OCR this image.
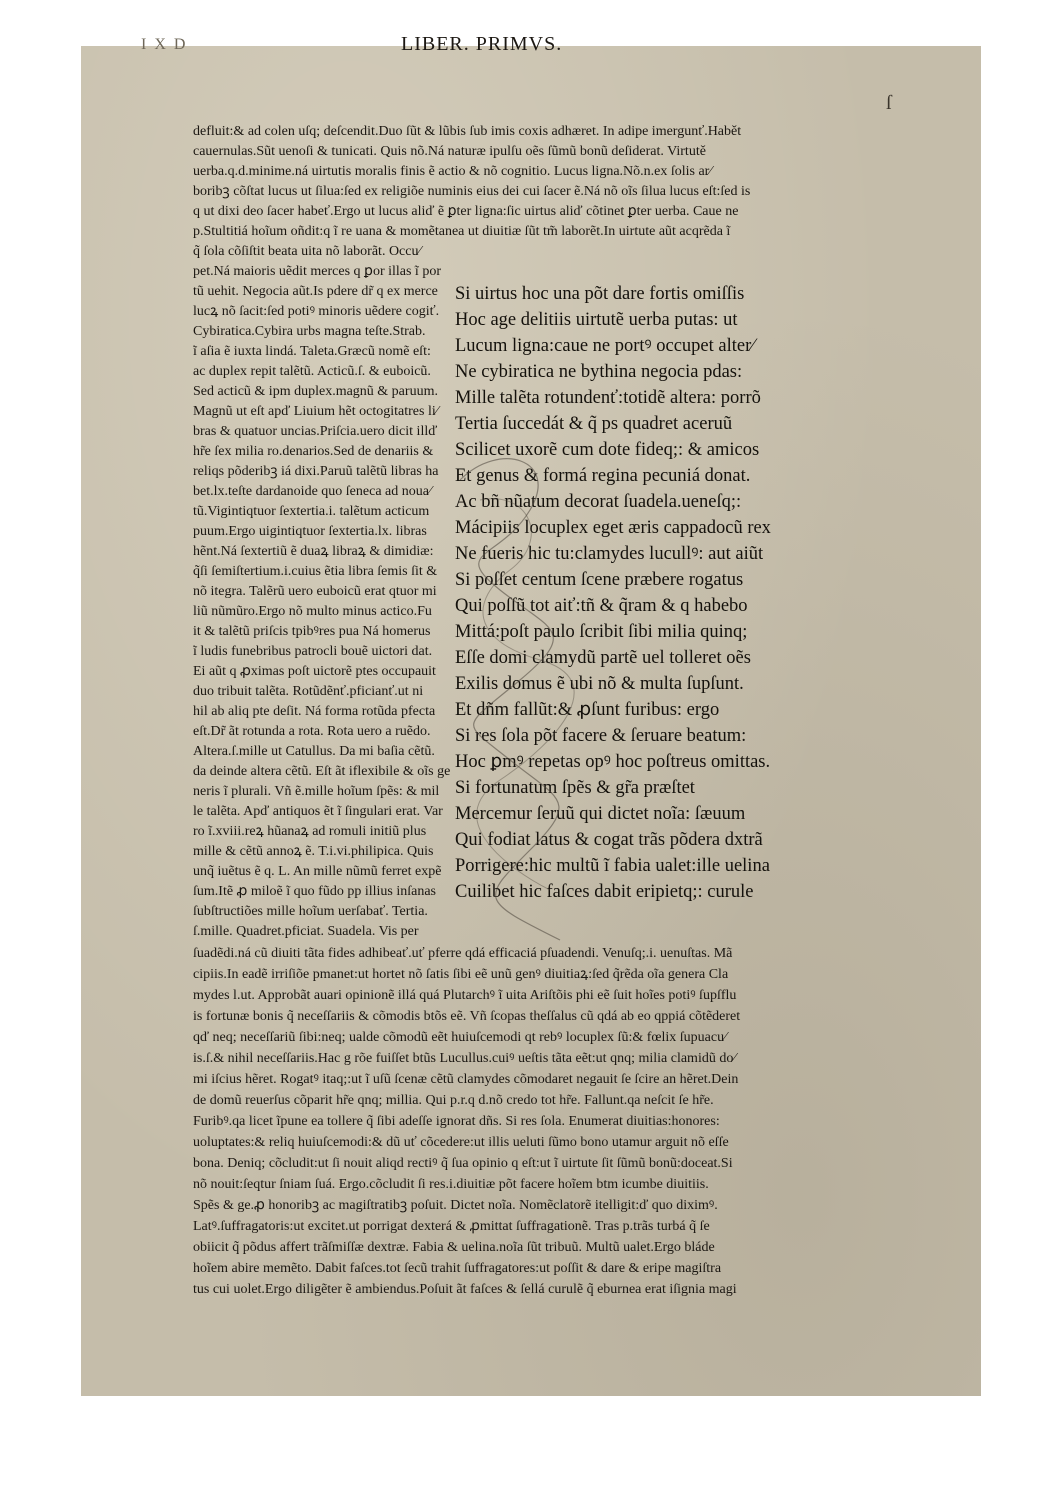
I X D	LIBER. PRIMVS.
ſ
defluit:& ad colen uſq; deſcendit.Duo ſũt & lũbis ſub imis coxis adhæret. In adipe imergunť.Habět
cauernulas.Sũt uenoſi & tunicati. Quis nõ.Ná naturæ ipulſu oẽs ſũmũ bonũ deſiderat. Virtutě
uerba.q.d.minime.ná uirtutis moralis finis ẽ actio & nõ cognitio. Lucus ligna.Nõ.n.ex ſolis ar⁄
boribꝫ cõſtat lucus ut ſilua:ſed ex religiõe numinis eius dei cui ſacer ẽ.Ná nõ oĩs ſilua lucus eſt:ſed is
q ut dixi deo ſacer habeť.Ergo ut lucus aliď ẽ ꝑter ligna:ſic uirtus aliď cõtinet ꝑter uerba. Caue ne
p.Stultitiá hoĩum oñdit:q ĩ re uana & momẽtanea ut diuitiæ ſũt tm̃ laborẽt.In uirtute aũt acqrẽda ĩ
q̃ ſola cõſiſtit beata uita nõ laborãt. Occu⁄
pet.Ná maioris uẽdit merces q ꝑor illas ĩ por
tũ uehit. Negocia aũt.Is pdere dr̃ q ex merce
lucꝝ nõ ſacit:ſed potiꝰ minoris uẽdere cogiť.
Cybiratica.Cybira urbs magna teſte.Strab.
ĩ aſia ẽ iuxta lindá. Taleta.Græcũ nomẽ eſt:
ac duplex repit talẽtũ. Acticũ.ſ. & euboicũ.
Sed acticũ & ipm duplex.magnũ & paruum.
Magnũ ut eſt apď Liuium hẽt octogitatres li⁄
bras & quatuor uncias.Priſcia.uero dicit illď
hr̃e ſex milia ro.denarios.Sed de denariis &
reliqs põderibꝫ iá dixi.Paruũ talẽtũ libras ha
bet.lx.teſte dardanoide quo ſeneca ad noua⁄
tũ.Vigintiqtuor ſextertia.i. talẽtum acticum
puum.Ergo uigintiqtuor ſextertia.lx. libras
hẽnt.Ná ſextertiũ ẽ duaꝝ libraꝝ & dimidiæ:
q̃ſi ſemiſtertium.i.cuius ẽtia libra ſemis ſit &
nõ itegra. Talẽrũ uero euboicũ erat qtuor mi
liũ nũmũro.Ergo nõ multo minus actico.Fu
it & talẽtũ priſcis tpibꝰres pua Ná homerus
ĩ ludis funebribus patrocli bouẽ uictori dat.
Ei aũt q ꝓximas poſt uictorẽ ptes occupauit
duo tribuit talẽta. Rotũdẽnť.pficianť.ut ni
hil ab aliq pte deſit. Ná forma rotũda pfecta
eſt.Dr̃ ãt rotunda a rota. Rota uero a ruẽdo.
Altera.ſ.mille ut Catullus. Da mi baſia cẽtũ.
da deinde altera cẽtũ. Eſt ãt iflexibile & oĩs ge
neris ĩ plurali. Vñ ẽ.mille hoĩum ſpẽs: & mil
le talẽta. Apď antiquos ẽt ĩ ſingulari erat. Var
ro ĩ.xviii.reꝝ hũanaꝝ ad romuli initiũ plus
mille & cẽtũ annoꝝ ẽ. T.i.vi.philipica. Quis
unq̃ iuẽtus ẽ q. L. An mille nũmũ ferret expẽ
ſum.Itẽ ꝓ miloẽ ĩ quo fũdo pp illius inſanas
ſubſtructiões mille hoĩum uerſabať. Tertia.
ſ.mille. Quadret.pficiat. Suadela. Vis per
Si uirtus hoc una põt dare fortis omiſſis
Hoc age delitiis uirtutẽ uerba putas: ut
Lucum ligna:caue ne portꝰ occupet alter⁄
Ne cybiratica ne bythina negocia pdas:
Mille talẽta rotundenť:totidẽ altera: porrõ
Tertia ſuccedát & q̃ ps quadret aceruũ
Scilicet uxorẽ cum dote fideq;: & amicos
Et genus & formá regina pecuniá donat.
Ac bñ nũatum decorat ſuadela.ueneſq;:
Mácipiis locuplex eget æris cappadocũ rex
Ne fueris hic tu:clamydes lucullꝰ: aut aiũt
Si poſſet centum ſcene præbere rogatus
Qui poſſũ tot aiť:tñ & q̃ram & q habebo
Mittá:poſt paulo ſcribit ſibi milia quinq;
Eſſe domi clamydũ partẽ uel tolleret oẽs
Exilis domus ẽ ubi nõ & multa ſupſunt.
Et dñm fallũt:& ꝓſunt furibus: ergo
Si res ſola põt facere & ſeruare beatum:
Hoc ꝑmꝰ repetas opꝰ hoc poſtreus omittas.
Si fortunatum ſpẽs & gr̃a præſtet
Mercemur ſeruũ qui dictet noĩa: ſæuum
Qui fodiat latus & cogat trãs põdera dxtrã
Porrigere:hic multũ ĩ fabia ualet:ille uelina
Cuilibet hic faſces dabit eripietq;: curule
ſuadẽdi.ná cũ diuiti tãta fides adhibeať.uť pferre qdá efficaciá pſuadendi. Venuſq;.i. uenuſtas. Mã
cipiis.In eadẽ irriſiõe pmanet:ut hortet nõ ſatis ſibi eẽ unũ genꝰ diuitiaꝝ:ſed q̃rẽda oĩa genera Cla
mydes l.ut. Approbãt auari opinionẽ illá quá Plutarchꝰ ĩ uita Ariſtõis phi eẽ ſuit hoĩes potiꝰ ſupſflu
is fortunæ bonis q̃ neceſſariis & cõmodis btõs eẽ. Vñ ſcopas theſſalus cũ qdá ab eo qppiá cõtẽderet
qď neq; neceſſariũ ſibi:neq; ualde cõmodũ eẽt huiuſcemodi qt rebꝰ locuplex ſũ:& fœlix ſupuacu⁄
is.ſ.& nihil neceſſariis.Hac g rõe fuiſſet btũs Lucullus.cuiꝰ ueſtis tãta eẽt:ut qnq; milia clamidũ do⁄
mi iſcius hẽret. Rogatꝰ itaq;:ut ĩ uſũ ſcenæ cẽtũ clamydes cõmodaret negauit ſe ſcire an hẽret.Dein
de domũ reuerſus cõparit hr̃e qnq; millia. Qui p.r.q d.nõ credo tot hr̃e. Fallunt.qa neſcit ſe hr̃e.
Furibꝰ.qa licet ĩpune ea tollere q̃ ſibi adeſſe ignorat dñs. Si res ſola. Enumerat diuitias:honores:
uoluptates:& reliq huiuſcemodi:& dũ uť cõcedere:ut illis ueluti ſũmo bono utamur arguit nõ eſſe
bona. Deniq; cõcludit:ut ſi nouit aliqd rectiꝰ q̃ ſua opinio q eſt:ut ĩ uirtute ſit ſũmũ bonũ:doceat.Si
nõ nouit:ſeqtur ſniam ſuá. Ergo.cõcludit ſi res.i.diuitiæ põt facere hoĩem btm icumbe diuitiis.
Spẽs & ge.ꝓ honoribꝫ ac magiſtratibꝫ poſuit. Dictet noĩa. Nomẽclatorẽ itelligit:ď quo diximꝰ.
Latꝰ.ſuffragatoris:ut excitet.ut porrigat dexterá & ꝓmittat ſuffragationẽ. Tras p.trãs turbá q̃ ſe
obiicit q̃ põdus affert trãſmiſſæ dextræ. Fabia & uelina.noĩa ſũt tribuũ. Multũ ualet.Ergo bláde
hoĩem abire memẽto. Dabit faſces.tot ſecũ trahit ſuffragatores:ut poſſit & dare & eripe magiſtra
tus cui uolet.Ergo diligẽter ẽ ambiendus.Poſuit ãt faſces & ſellá curulẽ q̃ eburnea erat iſignia magi
